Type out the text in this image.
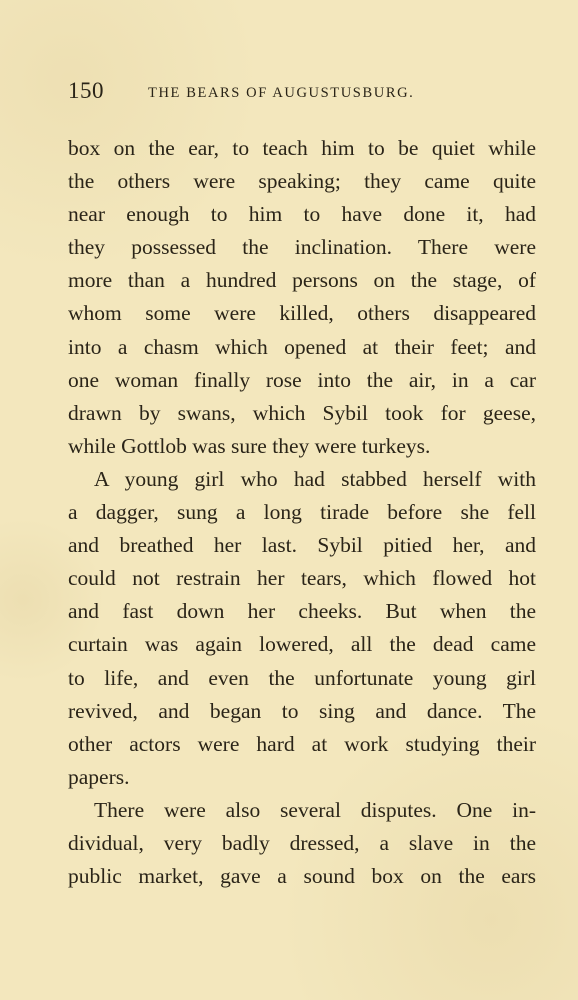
150	THE BEARS OF AUGUSTUSBURG.
box on the ear, to teach him to be quiet while
the others were speaking; they came quite
near enough to him to have done it, had
they possessed the inclination. There were
more than a hundred persons on the stage, of
whom some were killed, others disappeared
into a chasm which opened at their feet; and
one woman finally rose into the air, in a car
drawn by swans, which Sybil took for geese,
while Gottlob was sure they were turkeys.
A young girl who had stabbed herself with
a dagger, sung a long tirade before she fell
and breathed her last. Sybil pitied her, and
could not restrain her tears, which flowed hot
and fast down her cheeks. But when the
curtain was again lowered, all the dead came
to life, and even the unfortunate young girl
revived, and began to sing and dance. The
other actors were hard at work studying their
papers.
There were also several disputes. One in-
dividual, very badly dressed, a slave in the
public market, gave a sound box on the ears
